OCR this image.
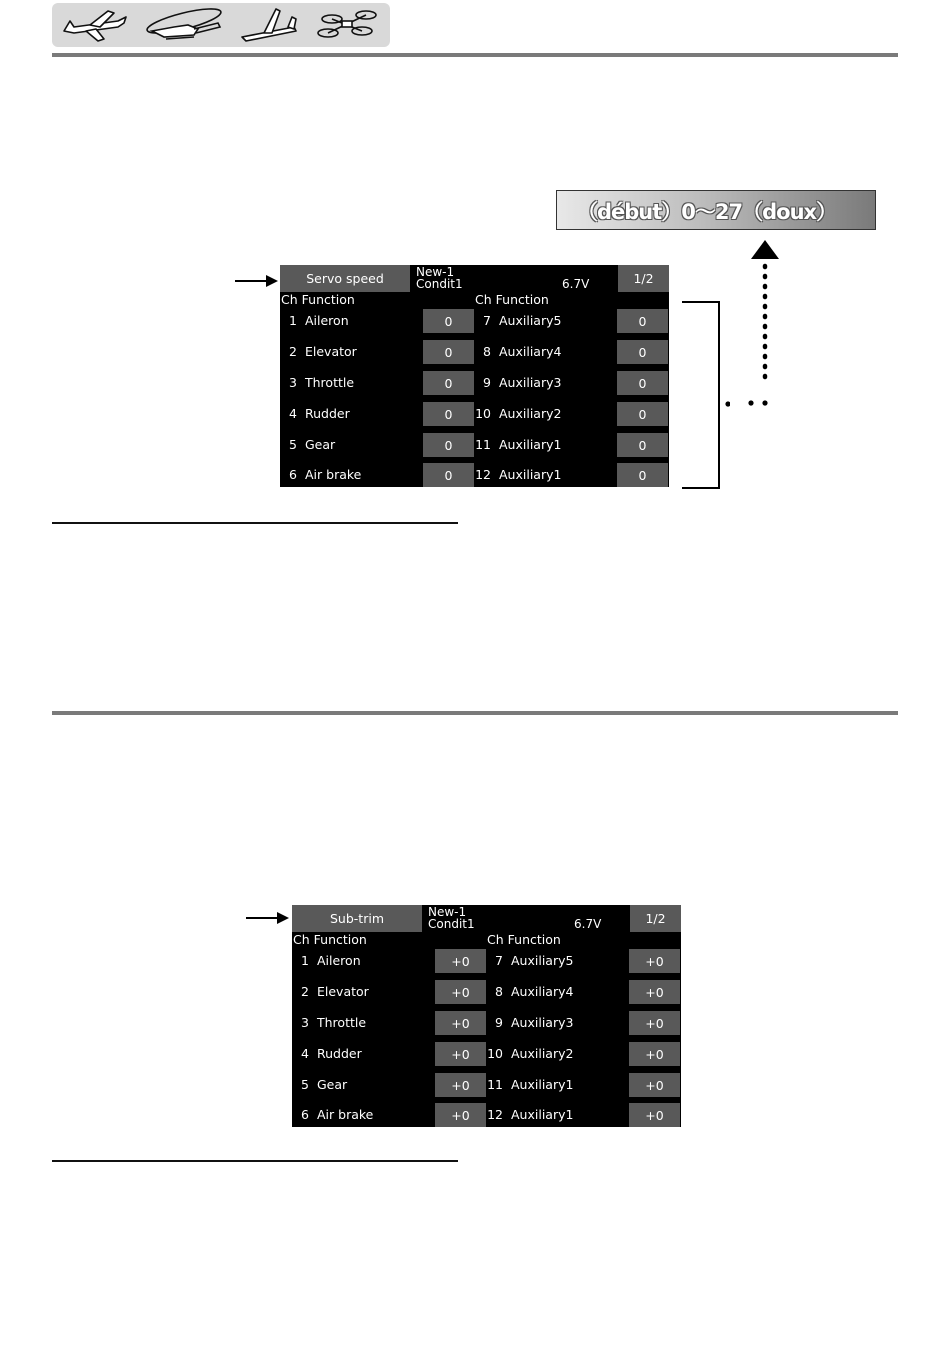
（début）0～27（doux）
Servo speed	New-1
Condit1	6.7V	1/2
Ch Function	Ch Function
1 Aileron	0
2 Elevator	0
3 Throttle	0
4 Rudder	0
5 Gear	0
6 Air brake	0
7 Auxiliary5	0
8 Auxiliary4	0
9 Auxiliary3	0
10 Auxiliary2	0
11 Auxiliary1	0
12 Auxiliary1	0
Sub-trim	New-1
Condit1	6.7V	1/2
Ch Function	Ch Function
1 Aileron	+0
2 Elevator	+0
3 Throttle	+0
4 Rudder	+0
5 Gear	+0
6 Air brake	+0
7 Auxiliary5	+0
8 Auxiliary4	+0
9 Auxiliary3	+0
10 Auxiliary2	+0
11 Auxiliary1	+0
12 Auxiliary1	+0
